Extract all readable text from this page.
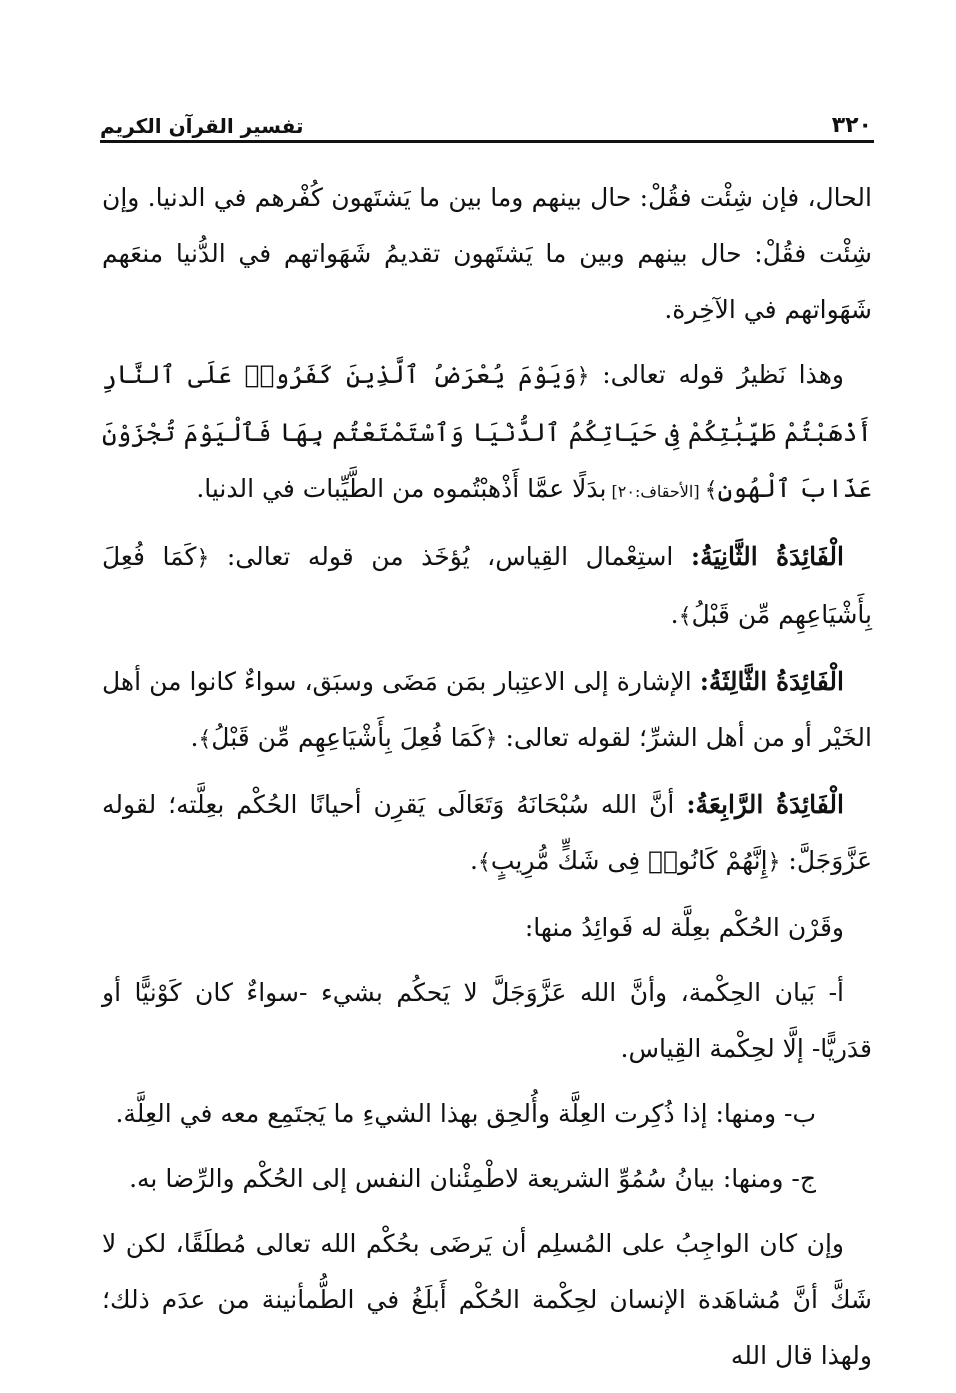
٣٢٠
تفسير القرآن الكريم

الحال، فإن شِئْت فقُلْ: حال بينهم وما بين ما يَشتَهون كُفْرهم في الدنيا. وإن شِئْت فقُلْ: حال بينهم وبين ما يَشتَهون تقديمُ شَهَواتهم في الدُّنيا منعَهم شَهَواتهم في الآخِرة.

وهذا نَظيرُ قوله تعالى: ﴿وَيَوْمَ يُعْرَضُ ٱلَّذِينَ كَفَرُوا۟ عَلَى ٱلنَّارِ أَذْهَبْتُمْ طَيِّبَٰتِكُمْ فِى حَيَاتِكُمُ ٱلدُّنْيَا وَٱسْتَمْتَعْتُم بِهَا فَٱلْيَوْمَ تُجْزَوْنَ عَذَابَ ٱلْهُونِ﴾ [الأحقاف:٢٠] بدَلًا عمَّا أَذْهبْتُموه من الطَّيِّبات في الدنيا.

الْفَائِدَةُ الثَّانِيَةُ: استِعْمال القِياس، يُؤخَذ من قوله تعالى: ﴿كَمَا فُعِلَ بِأَشْيَاعِهِم مِّن قَبْلُ﴾.

الْفَائِدَةُ الثَّالِثَةُ: الإشارة إلى الاعتِبار بمَن مَضَى وسبَق، سواءٌ كانوا من أهل الخَيْر أو من أهل الشرِّ؛ لقوله تعالى: ﴿كَمَا فُعِلَ بِأَشْيَاعِهِم مِّن قَبْلُ﴾.

الْفَائِدَةُ الرَّابِعَةُ: أنَّ الله سُبْحَانَهُ وَتَعَالَى يَقرِن أحيانًا الحُكْم بعِلَّته؛ لقوله عَزَّوَجَلَّ: ﴿إِنَّهُمْ كَانُوا۟ فِى شَكٍّ مُّرِيبٍ﴾.

وقَرْن الحُكْم بعِلَّة له فَوائِدُ منها:

أ- بَيان الحِكْمة، وأنَّ الله عَزَّوَجَلَّ لا يَحكُم بشيء -سواءٌ كان كَوْنيًّا أو قدَريًّا- إلَّا لحِكْمة القِياس.

ب- ومنها: إذا ذُكِرت العِلَّة وأُلحِق بهذا الشيءِ ما يَجتَمِع معه في العِلَّة.

ج- ومنها: بيانُ سُمُوِّ الشريعة لاطْمِئْنان النفس إلى الحُكْم والرِّضا به.

وإن كان الواجِبُ على المُسلِم أن يَرضَى بحُكْم الله تعالى مُطلَقًا، لكن لا شَكَّ أنَّ مُشاهَدة الإنسان لحِكْمة الحُكْم أَبلَغُ في الطُّمأنينة من عدَم ذلك؛ ولهذا قال الله
